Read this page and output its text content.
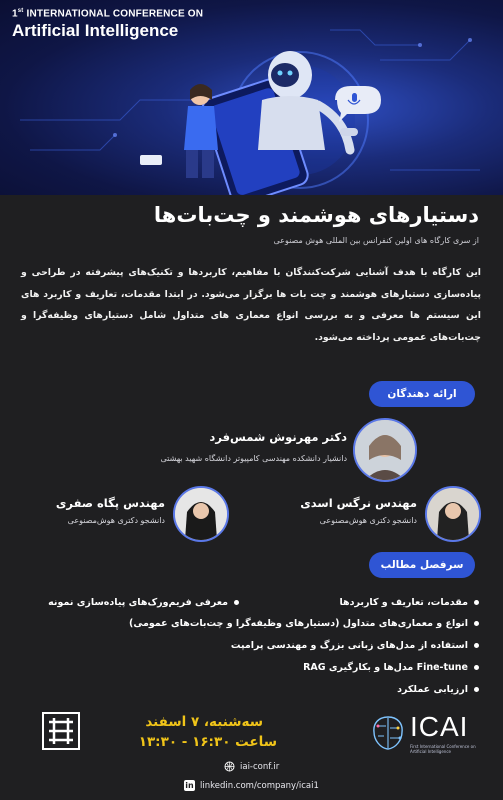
1st INTERNATIONAL CONFERENCE ON
Artificial Intelligence
دستیارهای هوشمند و چت‌بات‌ها
از سری کارگاه های اولین کنفرانس بین المللی هوش مصنوعی
این کارگاه با هدف آشنایی شرکت‌کنندگان با مفاهیم، کاربردها و تکنیک‌های پیشرفته در طراحی و پیاده‌سازی دستیارهای هوشمند و چت بات ها برگزار می‌شود. در ابتدا مقدمات، تعاریف و کاربرد های این سیستم ها معرفی و به بررسی انواع معماری های متداول شامل دستیارهای وظیفه‌گرا و چت‌بات‌های عمومی پرداخته می‌شود.
ارائه دهندگان
دکتر مهرنوش شمس‌فرد
دانشیار دانشکده مهندسی کامپیوتر دانشگاه شهید بهشتی
مهندس نرگس اسدی
دانشجو دکتری هوش‌مصنوعی
مهندس پگاه صفری
دانشجو دکتری هوش‌مصنوعی
سرفصل مطالب
مقدمات، تعاریف و کاربردها
معرفی فریم‌ورک‌های پیاده‌سازی نمونه
انواع و معماری‌های متداول (دستیارهای وظیفه‌گرا و چت‌بات‌های عمومی)
استفاده از مدل‌های زبانی بزرگ و مهندسی پرامپت
Fine-tune مدل‌ها و بکارگیری RAG
ارزیابی عملکرد
سه‌شنبه، ۷ اسفند
ساعت ۱۶:۳۰ - ۱۳:۳۰	ICAI
First International Conference on Artificial Intelligence
iai-conf.ir
in linkedin.com/company/icai1
